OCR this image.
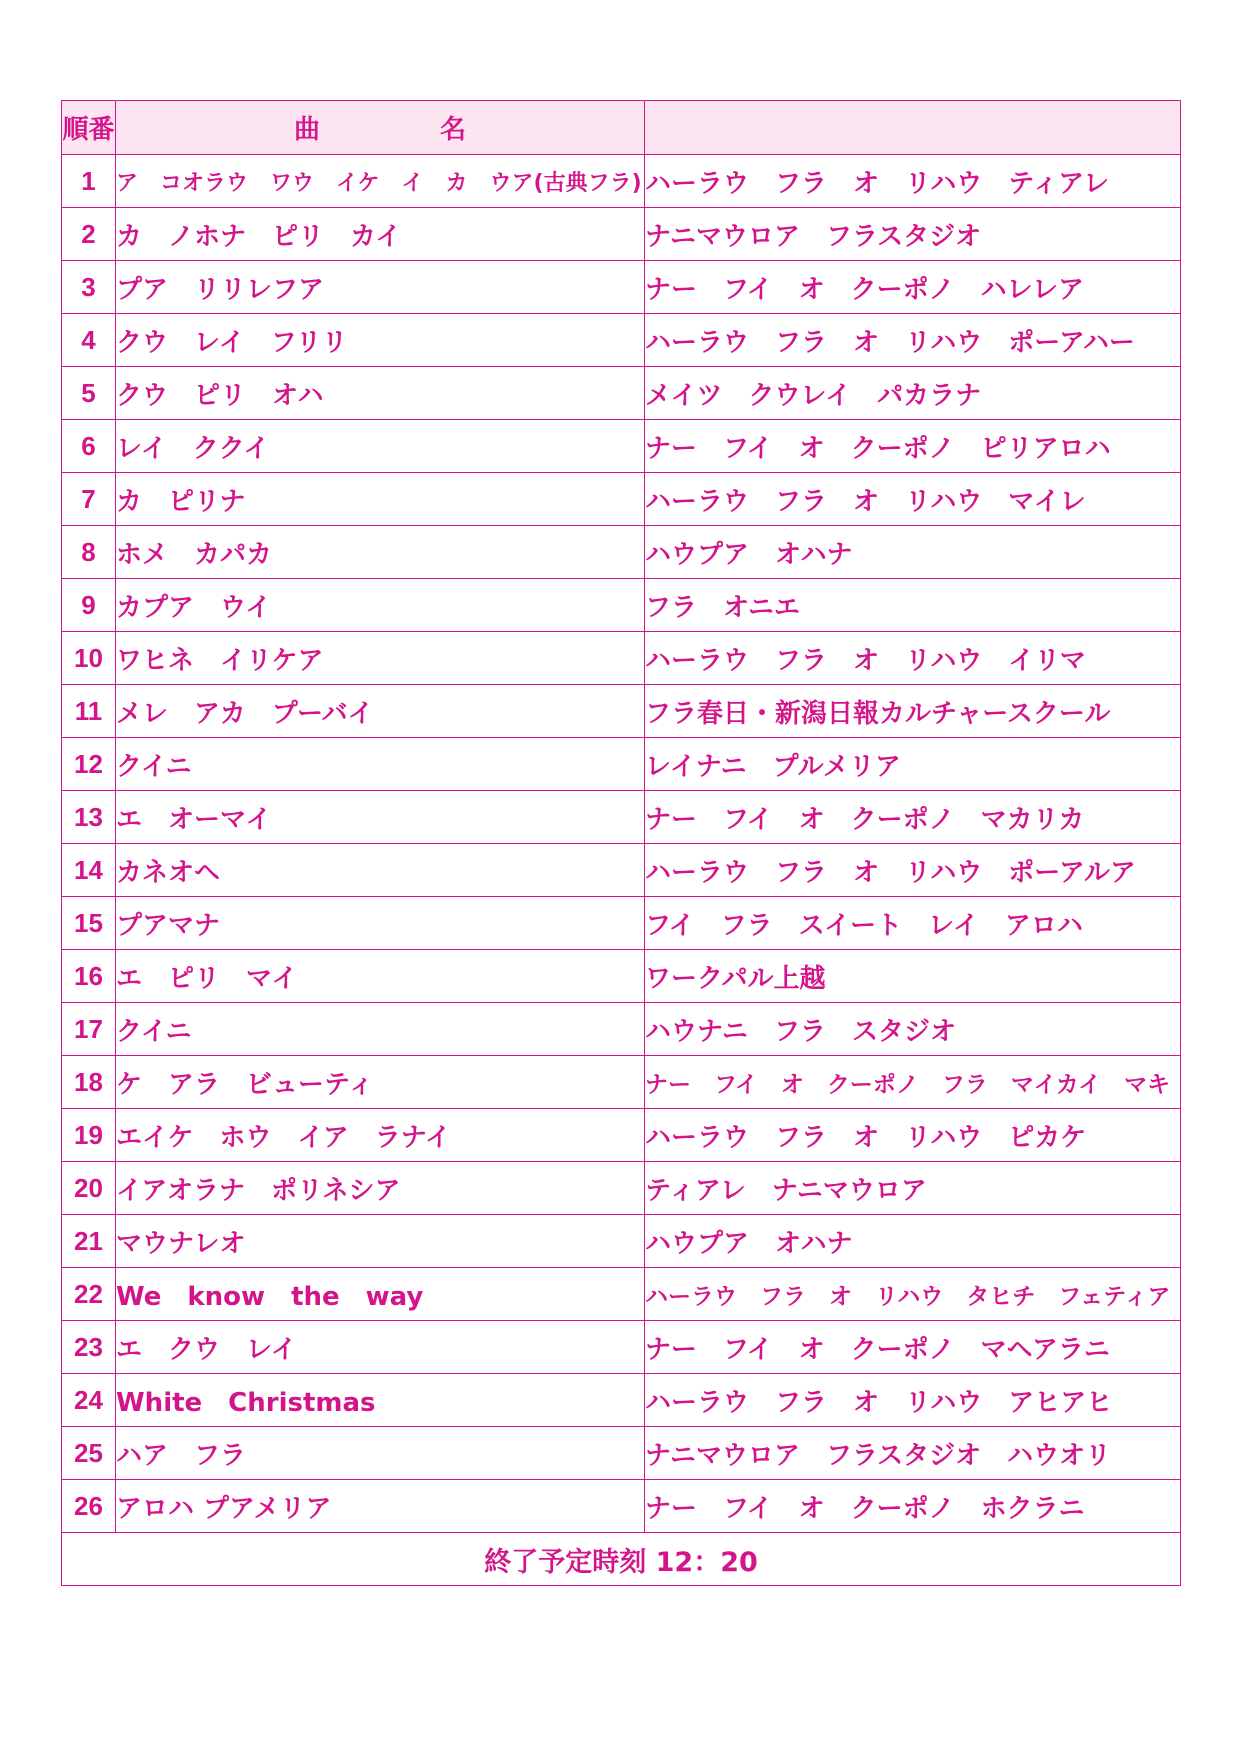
順番	曲 名	
1	ア　コオラウ　ワウ　イケ　イ　カ　ウア(古典フラ)	ハーラウ　フラ　オ　リハウ　ティアレ
2	カ　ノホナ　ピリ　カイ	ナニマウロア　フラスタジオ
3	プア　リリレフア	ナー　フイ　オ　クーポノ　ハレレア
4	クウ　レイ　フリリ	ハーラウ　フラ　オ　リハウ　ポーアハー
5	クウ　ピリ　オハ	メイツ　クウレイ　パカラナ
6	レイ　ククイ	ナー　フイ　オ　クーポノ　ピリアロハ
7	カ　ピリナ	ハーラウ　フラ　オ　リハウ　マイレ
8	ホメ　カパカ	ハウプア　オハナ
9	カプア　ウイ	フラ　オニエ
10	ワヒネ　イリケア	ハーラウ　フラ　オ　リハウ　イリマ
11	メレ　アカ　プーバイ	フラ春日・新潟日報カルチャースクール
12	クイニ	レイナニ　プルメリア
13	エ　オーマイ	ナー　フイ　オ　クーポノ　マカリカ
14	カネオヘ	ハーラウ　フラ　オ　リハウ　ポーアルア
15	プアマナ	フイ　フラ　スイート　レイ　アロハ
16	エ　ピリ　マイ	ワークパル上越
17	クイニ	ハウナニ　フラ　スタジオ
18	ケ　アラ　ビューティ	ナー　フイ　オ　クーポノ　フラ　マイカイ　マキ
19	エイケ　ホウ　イア　ラナイ	ハーラウ　フラ　オ　リハウ　ピカケ
20	イアオラナ　ポリネシア	ティアレ　ナニマウロア
21	マウナレオ	ハウプア　オハナ
22	We　know　the　way	ハーラウ　フラ　オ　リハウ　タヒチ　フェティア
23	エ　クウ　レイ	ナー　フイ　オ　クーポノ　マヘアラニ
24	White　Christmas	ハーラウ　フラ　オ　リハウ　アヒアヒ
25	ハア　フラ	ナニマウロア　フラスタジオ　ハウオリ
26	アロハ プアメリア	ナー　フイ　オ　クーポノ　ホクラニ
終了予定時刻 12：20		
